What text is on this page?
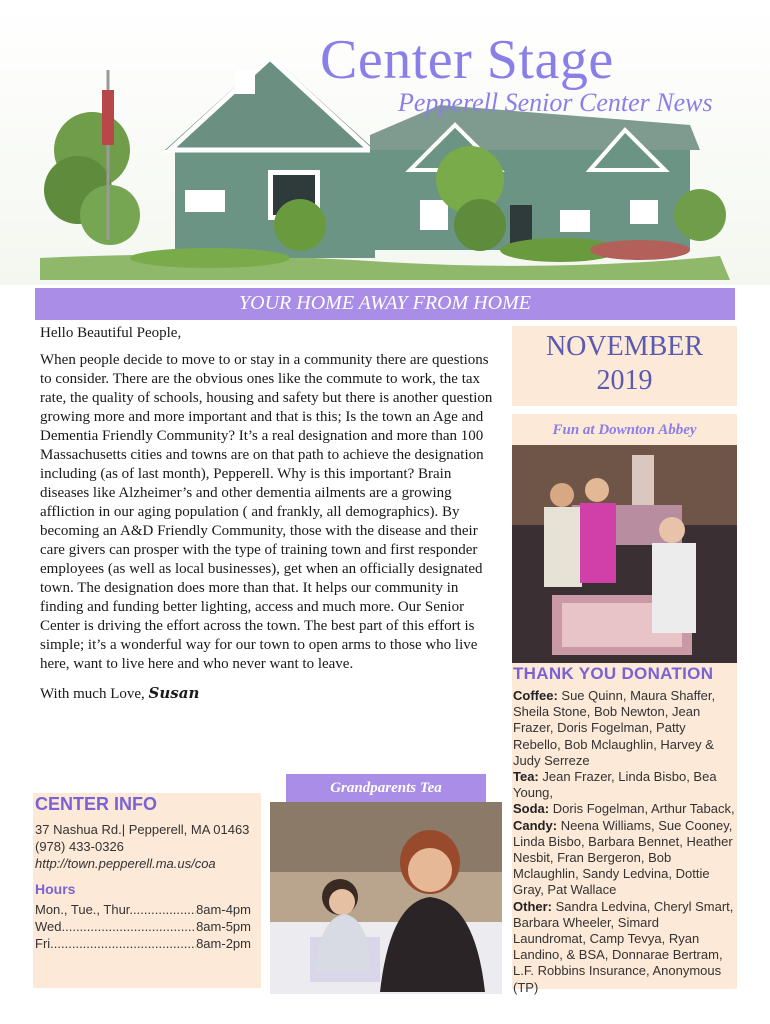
Center Stage
Pepperell Senior Center News
YOUR HOME AWAY FROM HOME

Hello Beautiful People,

When people decide to move to or stay in a community there are questions to consider. There are the obvious ones like the commute to work, the tax rate, the quality of schools, housing and safety but there is another question growing more and more important and that is this; Is the town an Age and Dementia Friendly Community? It’s a real designation and more than 100 Massachusetts cities and towns are on that path to achieve the designation including (as of last month), Pepperell. Why is this important? Brain diseases like Alzheimer’s and other dementia ailments are a growing affliction in our aging population ( and frankly, all demographics). By becoming an A&D Friendly Community, those with the disease and their care givers can prosper with the type of training town and first responder employees (as well as local businesses), get when an officially designated town. The designation does more than that. It helps our community in finding and funding better lighting, access and much more. Our Senior Center is driving the effort across the town. The best part of this effort is simple; it’s a wonderful way for our town to open arms to those who live here, want to live here and who never want to leave.

With much Love, Susan

NOVEMBER
2019
Fun at Downton Abbey
THANK YOU DONATION
Coffee: Sue Quinn, Maura Shaffer, Sheila Stone, Bob Newton, Jean Frazer, Doris Fogelman, Patty Rebello, Bob Mclaughlin, Harvey & Judy Serreze
Tea: Jean Frazer, Linda Bisbo, Bea Young,
Soda: Doris Fogelman, Arthur Taback,
Candy: Neena Williams, Sue Cooney, Linda Bisbo, Barbara Bennet, Heather Nesbit, Fran Bergeron, Bob Mclaughlin, Sandy Ledvina, Dottie Gray, Pat Wallace
Other: Sandra Ledvina, Cheryl Smart, Barbara Wheeler, Simard Laundromat, Camp Tevya, Ryan Landino, & BSA, Donnarae Bertram, L.F. Robbins Insurance, Anonymous (TP)
CENTER INFO
37 Nashua Rd.| Pepperell, MA 01463
(978) 433-0326
http://town.pepperell.ma.us/coa
Hours
Mon., Tue., Thur. .....	8am-4pm
Wed .....	8am-5pm
Fri .....	8am-2pm
Grandparents Tea
